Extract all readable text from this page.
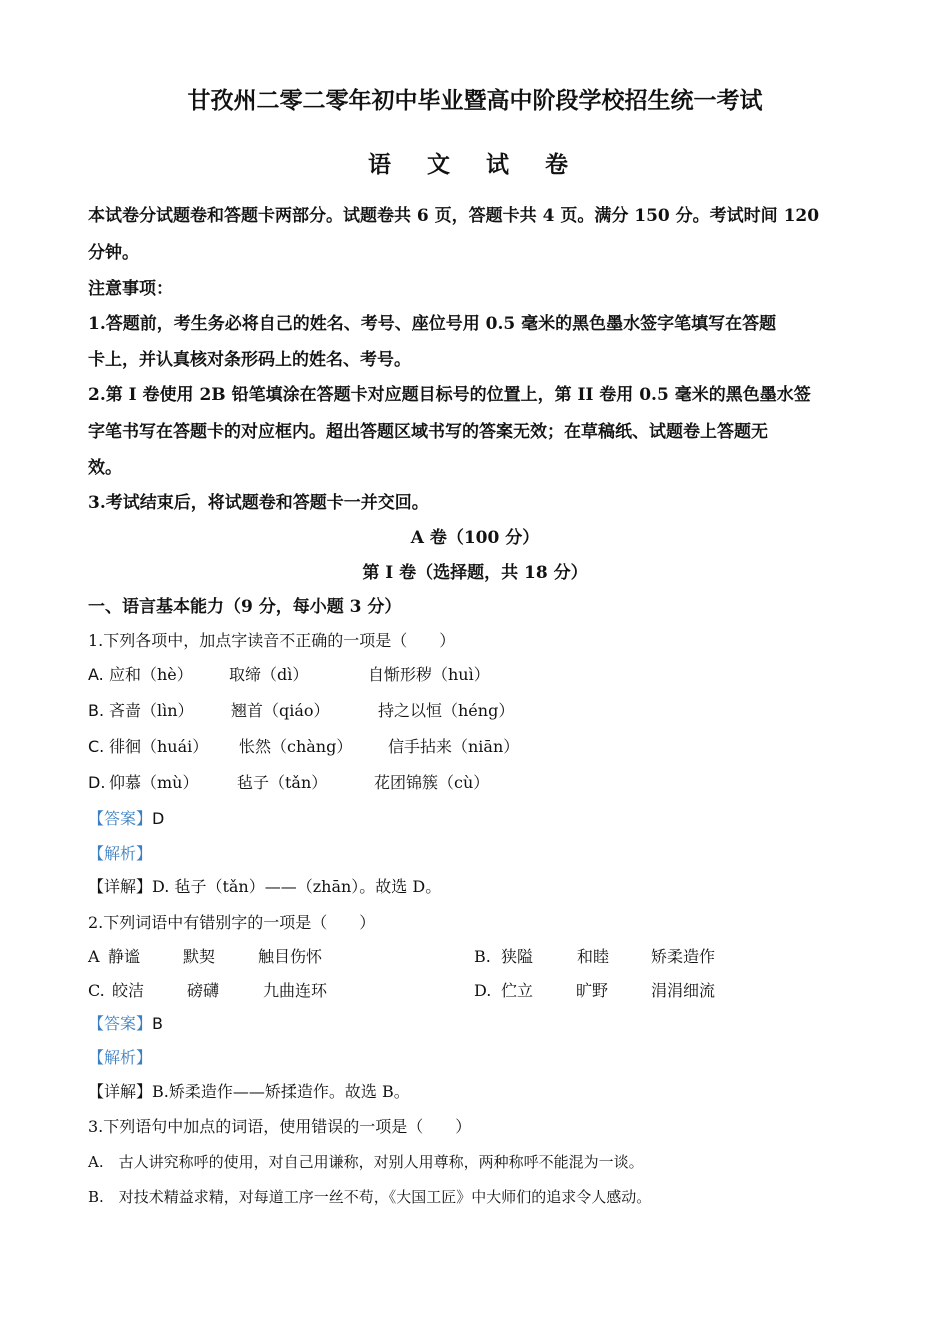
甘孜州二零二零年初中毕业暨高中阶段学校招生统一考试
语 文 试 卷
本试卷分试题卷和答题卡两部分。试题卷共 6 页，答题卡共 4 页。满分 150 分。考试时间 120
分钟。
注意事项：
1.答题前，考生务必将自己的姓名、考号、座位号用 0.5 毫米的黑色墨水签字笔填写在答题
卡上，并认真核对条形码上的姓名、考号。
2.第 I 卷使用 2B 铅笔填涂在答题卡对应题目标号的位置上，第 II 卷用 0.5 毫米的黑色墨水签
字笔书写在答题卡的对应框内。超出答题区域书写的答案无效；在草稿纸、试题卷上答题无
效。
3.考试结束后，将试题卷和答题卡一并交回。
A 卷（100 分）
第 I 卷（选择题，共 18 分）
一、语言基本能力（9 分，每小题 3 分）
1.下列各项中，加点字读音不正确的一项是（　　）
A. 应和（hè） 取缔（dì）	自惭形秽（huì）
B. 吝啬（lìn） 翘首（qiáo）	持之以恒（héng）
C. 徘徊（huái） 怅然（chàng） 信手拈来（niān）
D. 仰慕（mù） 毡子（tǎn）	花团锦簇（cù）
【答案】D
【解析】
【详解】D. 毡子（tǎn）——（zhān）。故选 D。
2.下列词语中有错别字的一项是（　　）
A 静谧	默契	触目伤怀	B. 狭隘	和睦	矫柔造作
C. 皎洁	磅礴	九曲连环	D. 伫立	旷野	涓涓细流
【答案】B
【解析】
【详解】B.矫柔造作——矫揉造作。故选 B。
3.下列语句中加点的词语，使用错误的一项是（　　）
A.　古人讲究称呼的使用，对自己用谦称，对别人用尊称，两种称呼不能混为一谈。
B.　对技术精益求精，对每道工序一丝不苟，《大国工匠》中大师们的追求令人感动。
